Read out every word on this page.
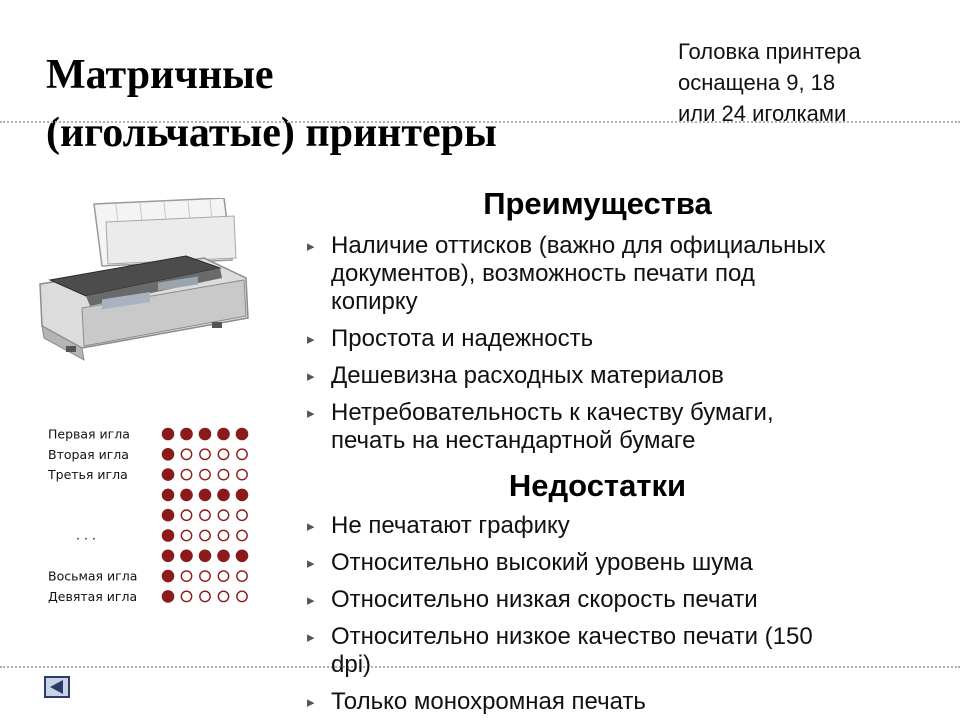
Матричные
(игольчатые) принтеры
Головка принтера
оснащена 9, 18
или 24 иголками
Первая игла
Вторая игла
Третья игла
Восьмая игла
Девятая игла
. . .
Преимущества
▸ Наличие оттисков (важно для официальных
документов), возможность печати под
копирку
▸ Простота и надежность
▸ Дешевизна расходных материалов
▸ Нетребовательность к качеству бумаги,
печать на нестандартной бумаге
Недостатки
▸ Не печатают графику
▸ Относительно высокий уровень шума
▸ Относительно низкая скорость печати
▸ Относительно низкое качество печати (150
dpi)
▸ Только монохромная печать
